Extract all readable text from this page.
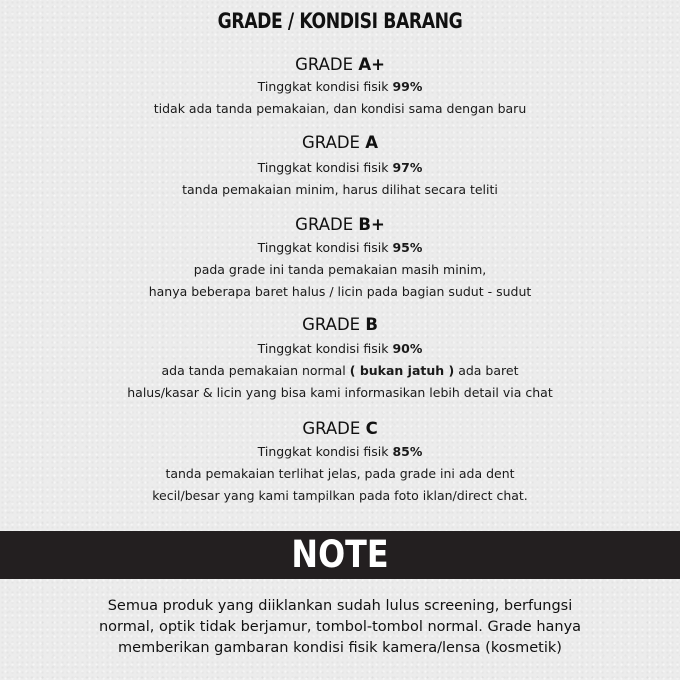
GRADE / KONDISI BARANG
GRADE A+
Tinggkat kondisi fisik 99%
tidak ada tanda pemakaian, dan kondisi sama dengan baru
GRADE A
Tinggkat kondisi fisik 97%
tanda pemakaian minim, harus dilihat secara teliti
GRADE B+
Tinggkat kondisi fisik 95%
pada grade ini tanda pemakaian masih minim,
hanya beberapa baret halus / licin pada bagian sudut - sudut
GRADE B
Tinggkat kondisi fisik 90%
ada tanda pemakaian normal ( bukan jatuh ) ada baret
halus/kasar & licin yang bisa kami informasikan lebih detail via chat
GRADE C
Tinggkat kondisi fisik 85%
tanda pemakaian terlihat jelas, pada grade ini ada dent
kecil/besar yang kami tampilkan pada foto iklan/direct chat.
NOTE
Semua produk yang diiklankan sudah lulus screening, berfungsi
normal, optik tidak berjamur, tombol-tombol normal. Grade hanya
memberikan gambaran kondisi fisik kamera/lensa (kosmetik)
